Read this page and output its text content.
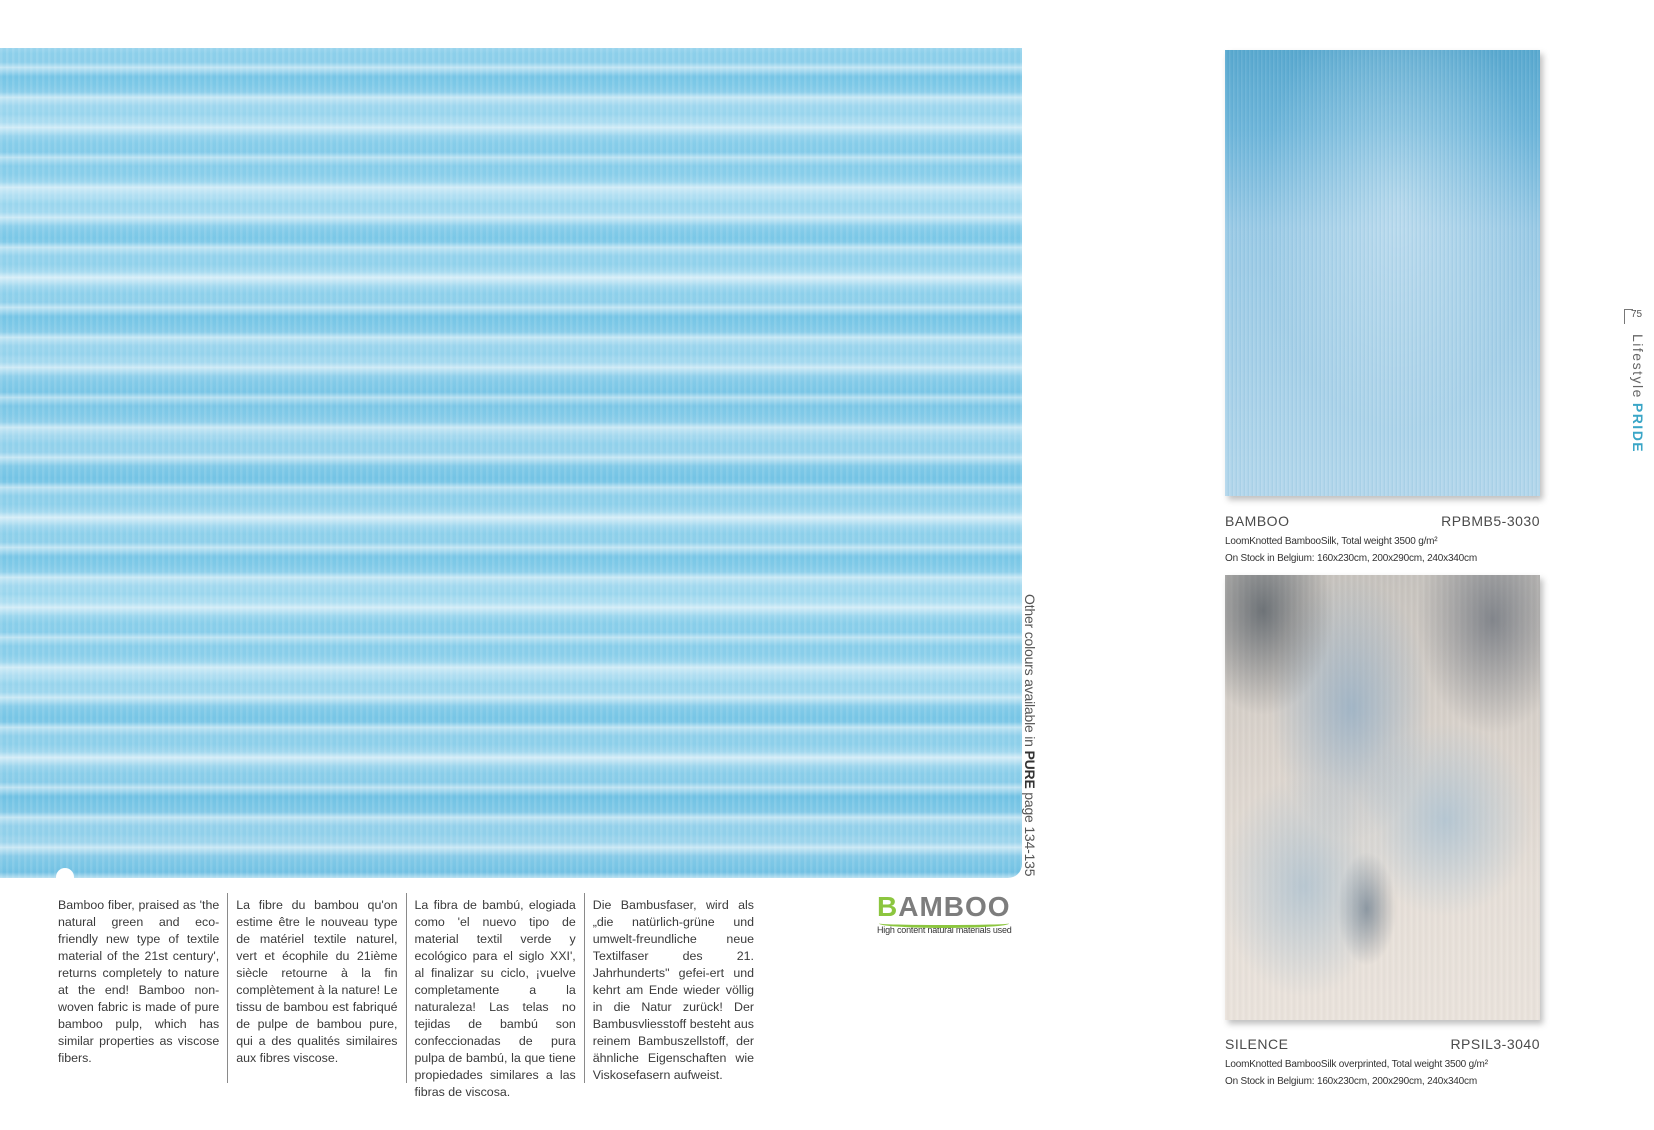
Other colours available in PURE page 134-135
Bamboo fiber, praised as 'the natural green and eco-friendly new type of textile material of the 21st century', returns completely to nature at the end! Bamboo non-woven fabric is made of pure bamboo pulp, which has similar properties as viscose fibers.
La fibre du bambou qu'on estime être le nouveau type de matériel textile naturel, vert et écophile du 21ième siècle retourne à la fin complètement à la nature! Le tissu de bambou est fabriqué de pulpe de bambou pure, qui a des qualités similaires aux fibres viscose.
La fibra de bambú, elogiada como 'el nuevo tipo de material textil verde y ecológico para el siglo XXI', al finalizar su ciclo, ¡vuelve completamente a la naturaleza! Las telas no tejidas de bambú son confeccionadas de pura pulpa de bambú, la que tiene propiedades similares a las fibras de viscosa.
Die Bambusfaser, wird als „die natürlich-grüne und umwelt-freundliche neue Textilfaser des 21. Jahrhunderts" gefei-ert und kehrt am Ende wieder völlig in die Natur zurück! Der Bambusvliesstoff besteht aus reinem Bambuszellstoff, der ähnliche Eigenschaften wie Viskosefasern aufweist.
BAMBOO
High content natural materials used
BAMBOO	RPBMB5-3030
LoomKnotted BambooSilk, Total weight 3500 g/m²
On Stock in Belgium: 160x230cm, 200x290cm, 240x340cm
SILENCE	RPSIL3-3040
LoomKnotted BambooSilk overprinted, Total weight 3500 g/m²
On Stock in Belgium: 160x230cm, 200x290cm, 240x340cm
75
LifestylePRIDE
